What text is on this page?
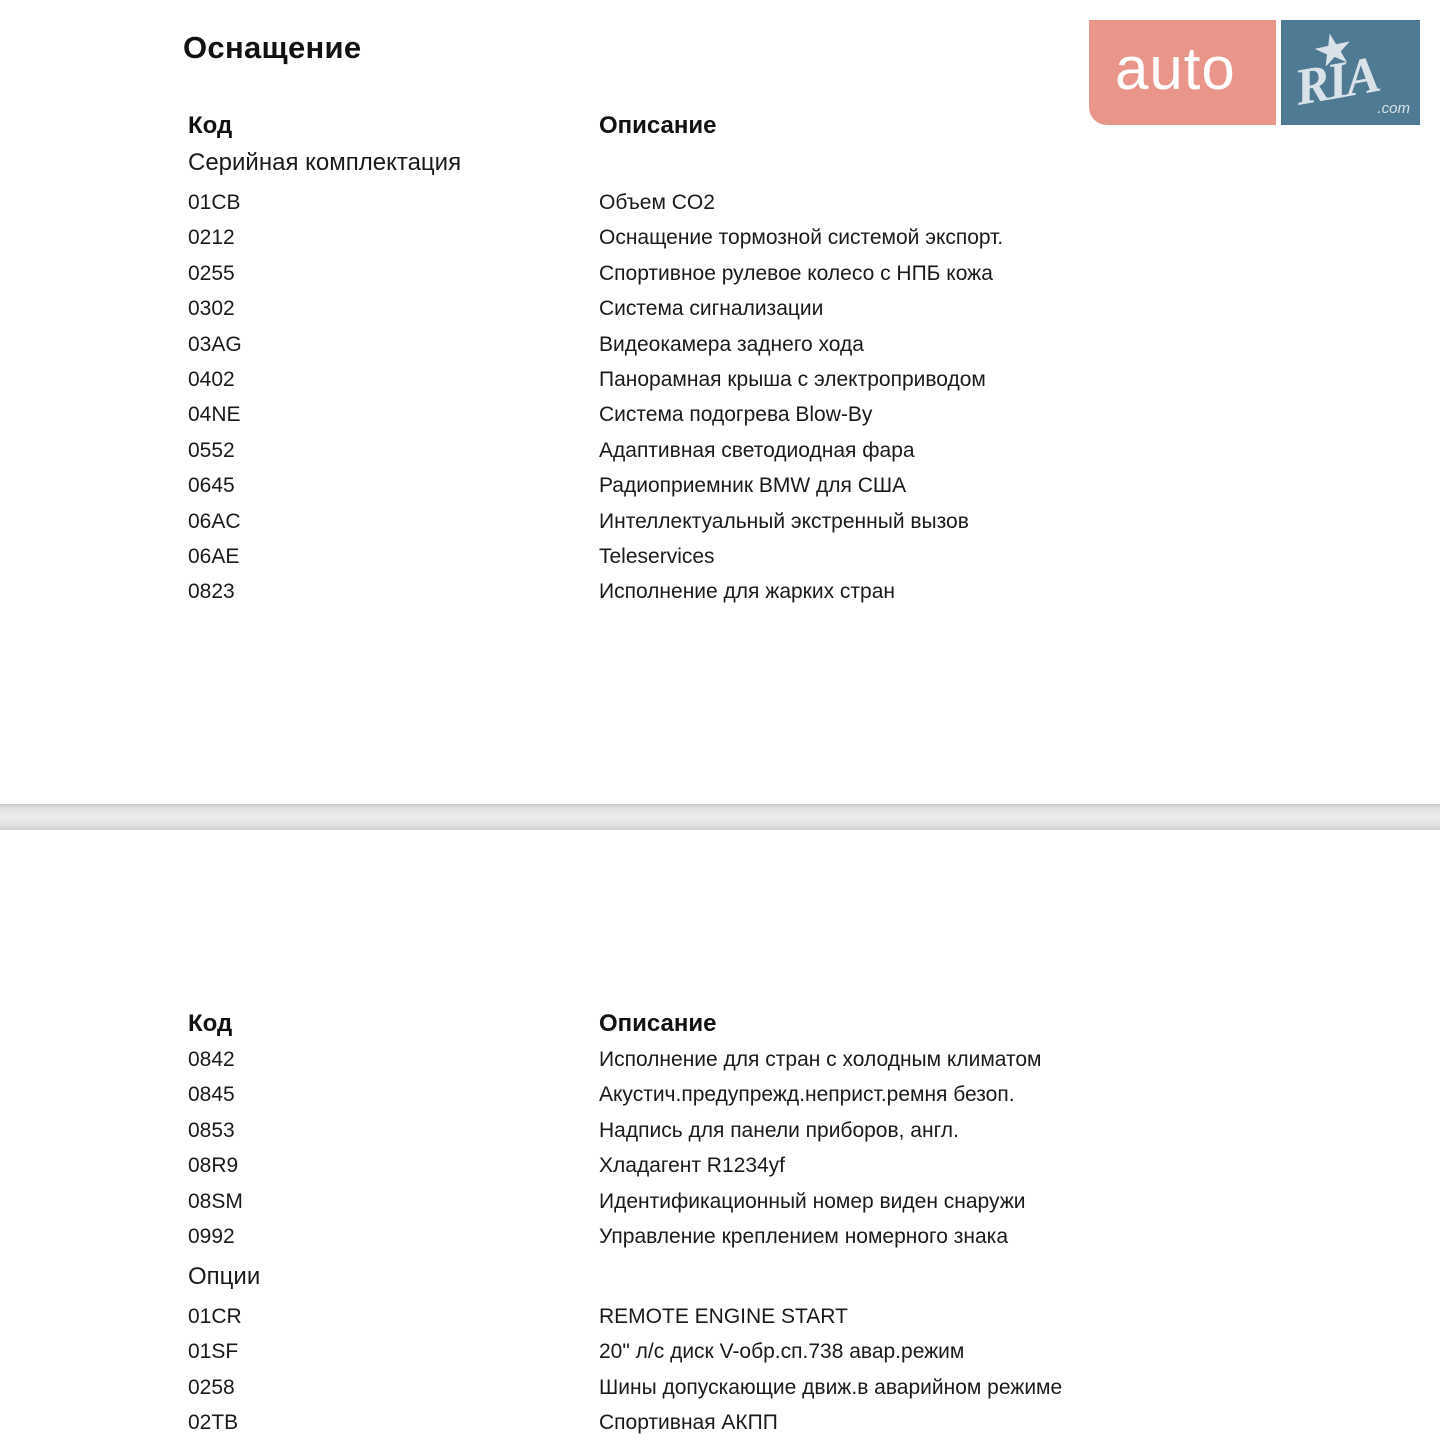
Оснащение
Код	Описание
Серийная комплектация
01CB	Объем CO2
0212	Оснащение тормозной системой экспорт.
0255	Спортивное рулевое колесо с НПБ кожа
0302	Система сигнализации
03AG	Видеокамера заднего хода
0402	Панорамная крыша с электроприводом
04NE	Система подогрева Blow-By
0552	Адаптивная светодиодная фара
0645	Радиоприемник BMW для США
06AC	Интеллектуальный экстренный вызов
06AE	Teleservices
0823	Исполнение для жарких стран
Код	Описание
0842	Исполнение для стран с холодным климатом
0845	Акустич.предупрежд.неприст.ремня безоп.
0853	Надпись для панели приборов, англ.
08R9	Хладагент R1234yf
08SM	Идентификационный номер виден снаружи
0992	Управление креплением номерного знака
Опции
01CR	REMOTE ENGINE START
01SF	20" л/с диск V-обр.сп.738 авар.режим
0258	Шины допускающие движ.в аварийном режиме
02TB	Спортивная АКПП
auto RIA
.com
